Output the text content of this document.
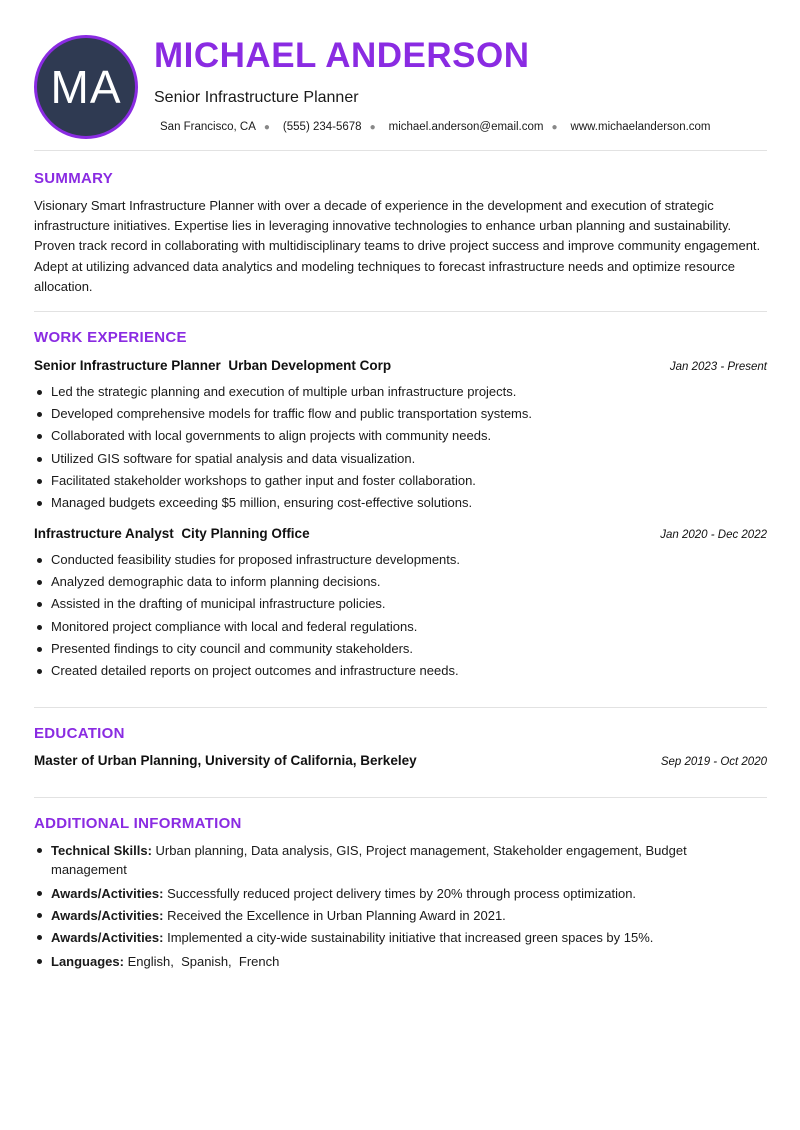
MA
MICHAEL ANDERSON
Senior Infrastructure Planner
San Francisco, CA ● (555) 234-5678 ● michael.anderson@email.com ● www.michaelanderson.com
SUMMARY
Visionary Smart Infrastructure Planner with over a decade of experience in the development and execution of strategic infrastructure initiatives. Expertise lies in leveraging innovative technologies to enhance urban planning and sustainability. Proven track record in collaborating with multidisciplinary teams to drive project success and improve community engagement. Adept at utilizing advanced data analytics and modeling techniques to forecast infrastructure needs and optimize resource allocation.
WORK EXPERIENCE
Senior Infrastructure Planner Urban Development Corp	Jan 2023 - Present
Led the strategic planning and execution of multiple urban infrastructure projects.
Developed comprehensive models for traffic flow and public transportation systems.
Collaborated with local governments to align projects with community needs.
Utilized GIS software for spatial analysis and data visualization.
Facilitated stakeholder workshops to gather input and foster collaboration.
Managed budgets exceeding $5 million, ensuring cost-effective solutions.
Infrastructure Analyst City Planning Office	Jan 2020 - Dec 2022
Conducted feasibility studies for proposed infrastructure developments.
Analyzed demographic data to inform planning decisions.
Assisted in the drafting of municipal infrastructure policies.
Monitored project compliance with local and federal regulations.
Presented findings to city council and community stakeholders.
Created detailed reports on project outcomes and infrastructure needs.
EDUCATION
Master of Urban Planning, University of California, Berkeley	Sep 2019 - Oct 2020
ADDITIONAL INFORMATION
Technical Skills: Urban planning, Data analysis, GIS, Project management, Stakeholder engagement, Budget management
Awards/Activities: Successfully reduced project delivery times by 20% through process optimization.
Awards/Activities: Received the Excellence in Urban Planning Award in 2021.
Awards/Activities: Implemented a city-wide sustainability initiative that increased green spaces by 15%.
Languages: English,  Spanish,  French
